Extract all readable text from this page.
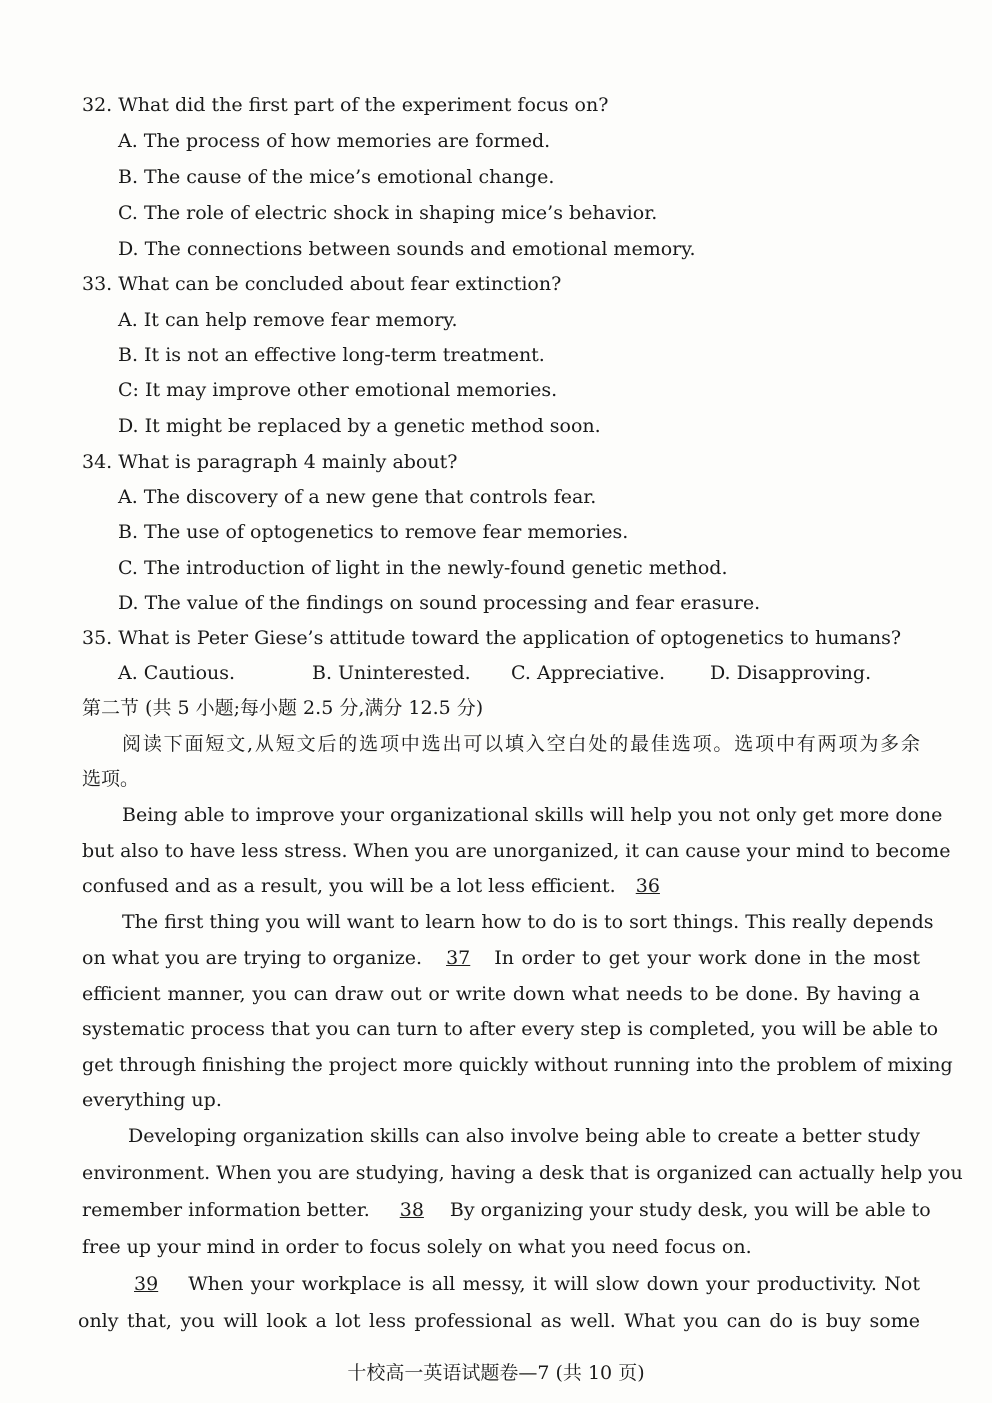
32. What did the first part of the experiment focus on?
A. The process of how memories are formed.
B. The cause of the mice’s emotional change.
C. The role of electric shock in shaping mice’s behavior.
D. The connections between sounds and emotional memory.
33. What can be concluded about fear extinction?
A. It can help remove fear memory.
B. It is not an effective long-term treatment.
C: It may improve other emotional memories.
D. It might be replaced by a genetic method soon.
34. What is paragraph 4 mainly about?
A. The discovery of a new gene that controls fear.
B. The use of optogenetics to remove fear memories.
C. The introduction of light in the newly-found genetic method.
D. The value of the findings on sound processing and fear erasure.
35. What is Peter Giese’s attitude toward the application of optogenetics to humans?
A. Cautious.	B. Uninterested. C. Appreciative. D. Disapproving.
第二节 (共 5 小题;每小题 2.5 分,满分 12.5 分)
阅读下面短文,从短文后的选项中选出可以填入空白处的最佳选项。选项中有两项为多余
选项。
Being able to improve your organizational skills will help you not only get more done
but also to have less stress. When you are unorganized, it can cause your mind to become
confused and as a result, you will be a lot less efficient. 36
The first thing you will want to learn how to do is to sort things. This really depends
on what you are trying to organize.	37	In order to get your work done in the most
efficient manner, you can draw out or write down what needs to be done. By having a
systematic process that you can turn to after every step is completed, you will be able to
get through finishing the project more quickly without running into the problem of mixing
everything up.
Developing organization skills can also involve being able to create a better study
environment. When you are studying, having a desk that is organized can actually help you
remember information better.	38	By organizing your study desk, you will be able to
free up your mind in order to focus solely on what you need focus on.
39	When your workplace is all messy, it will slow down your productivity. Not
only that, you will look a lot less professional as well. What you can do is buy some
十校高一英语试题卷—7 (共 10 页)
